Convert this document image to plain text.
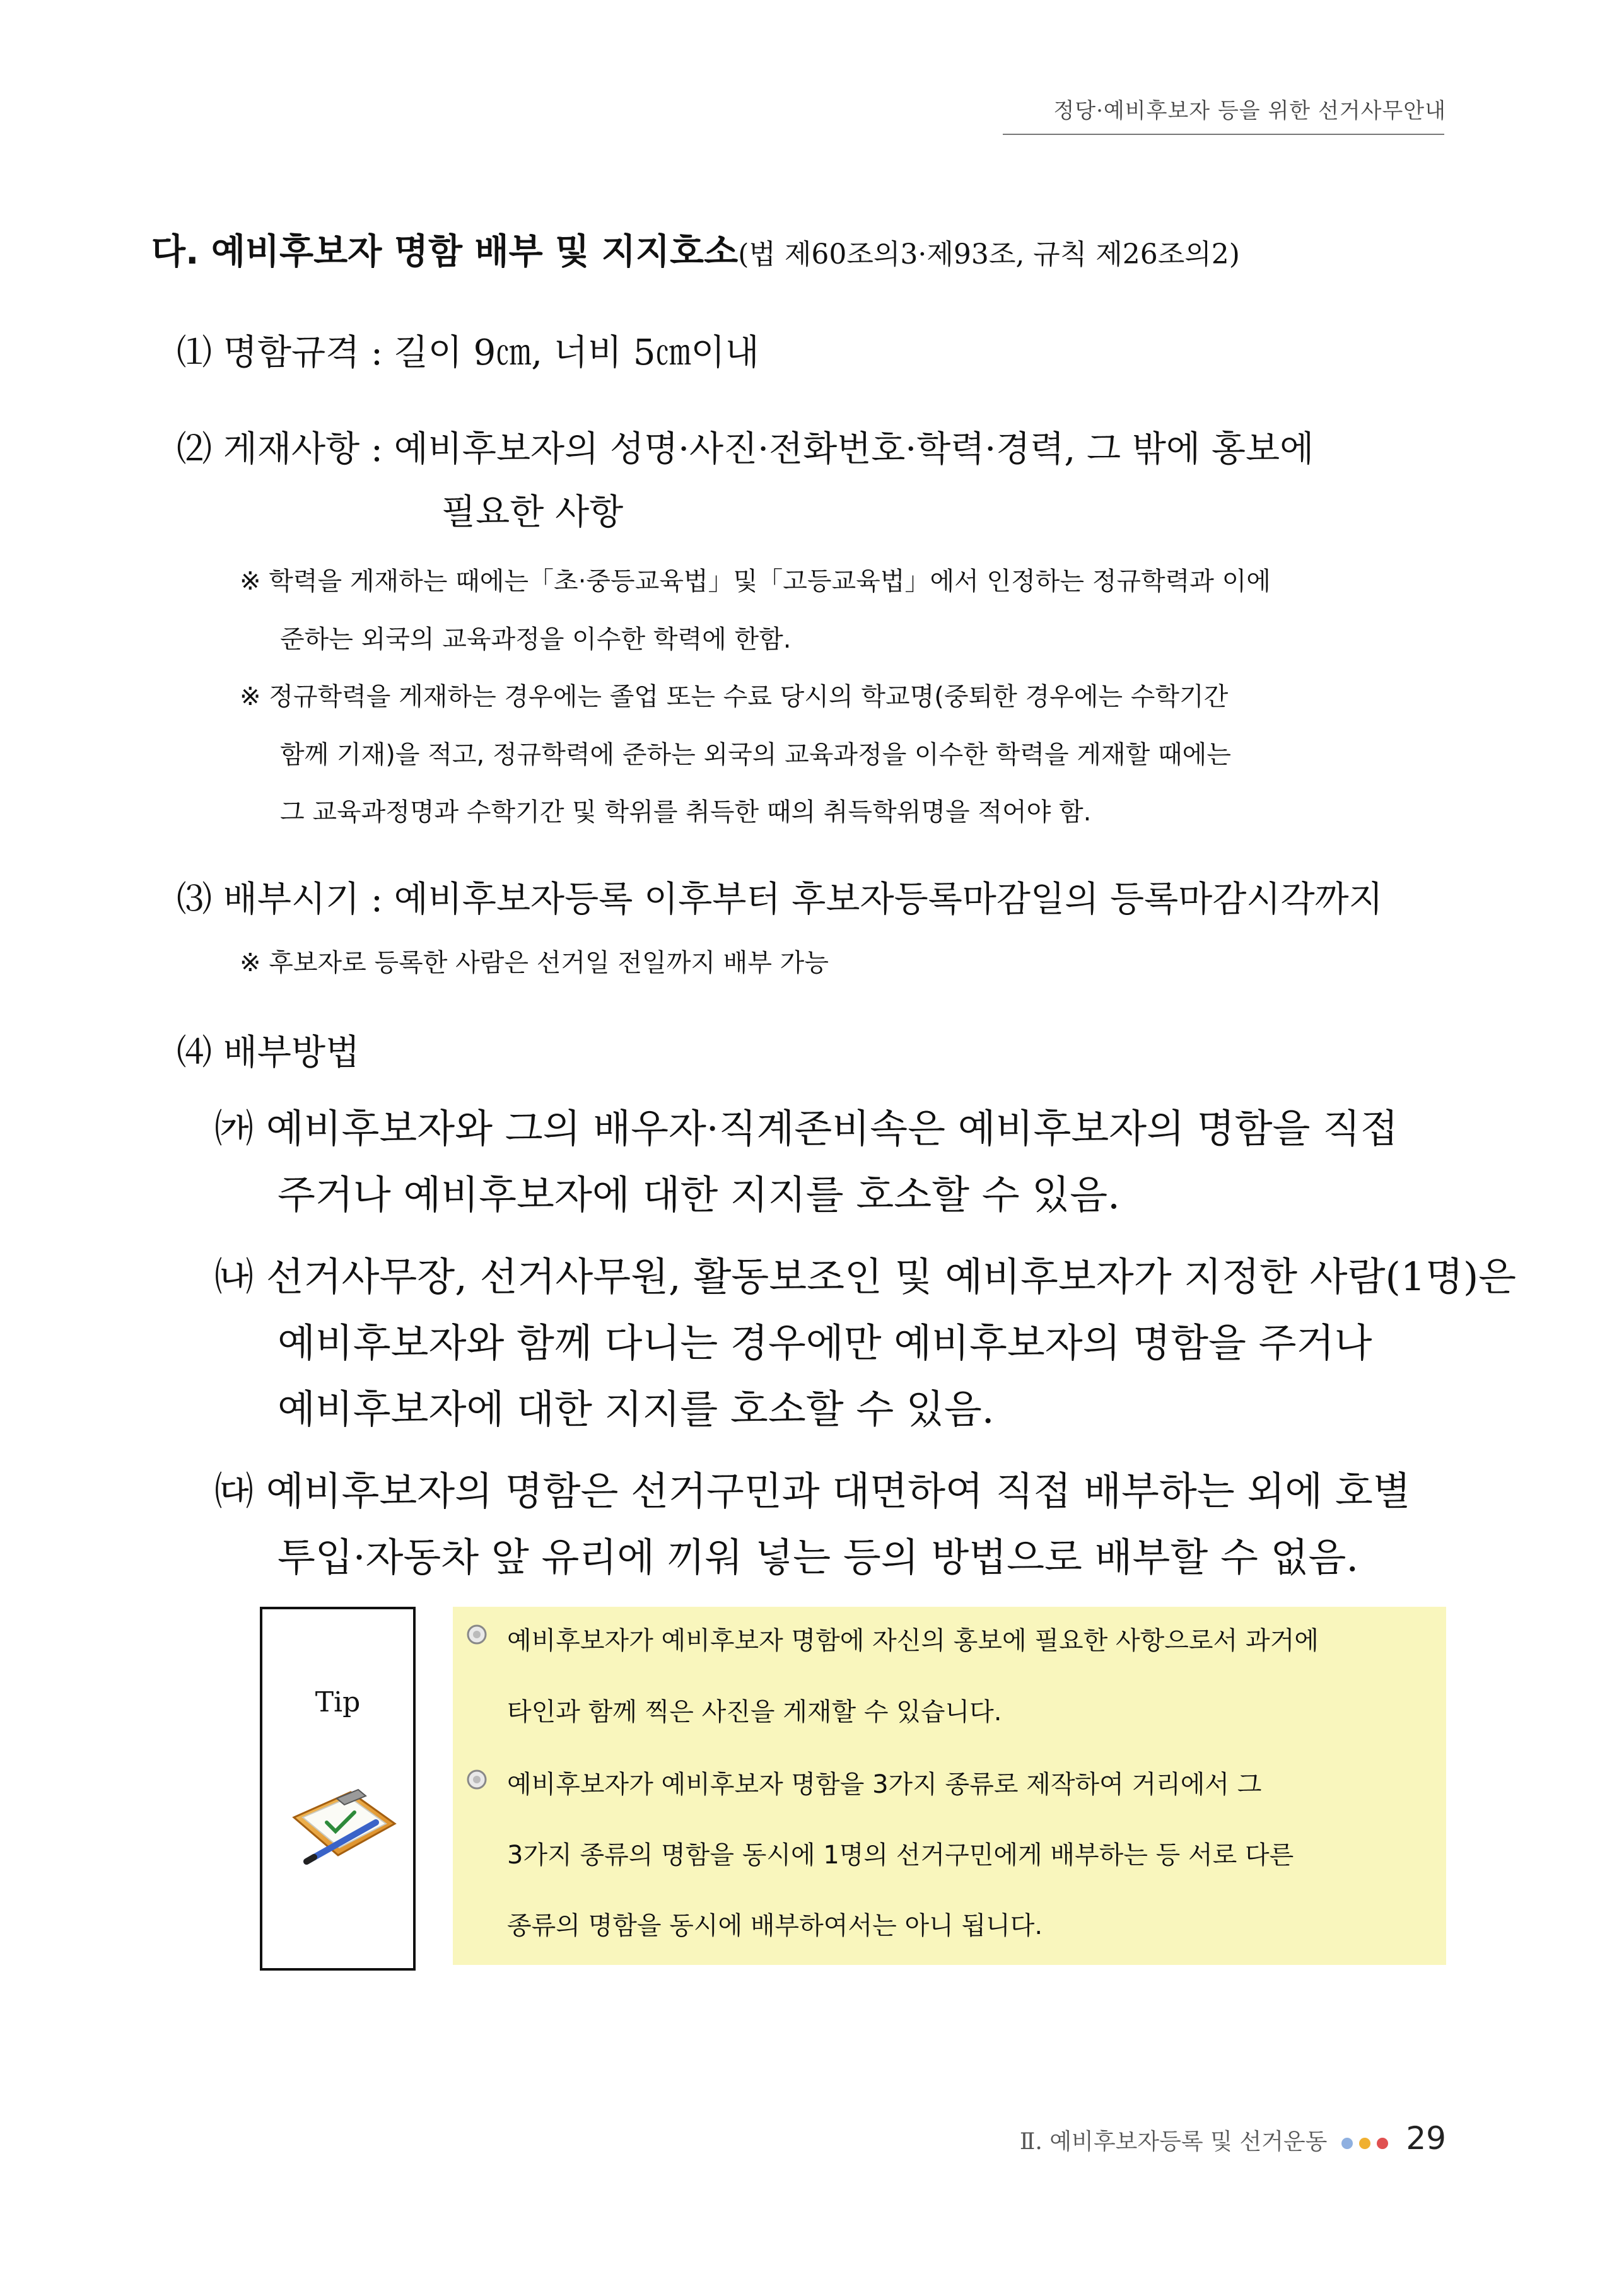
정당·예비후보자 등을 위한 선거사무안내
다. 예비후보자 명함 배부 및 지지호소(법 제60조의3·제93조, 규칙 제26조의2)
⑴ 명함규격 : 길이 9㎝, 너비 5㎝이내
⑵ 게재사항 : 예비후보자의 성명·사진·전화번호·학력·경력, 그 밖에 홍보에
필요한 사항
※ 학력을 게재하는 때에는「초·중등교육법」및「고등교육법」에서 인정하는 정규학력과 이에
준하는 외국의 교육과정을 이수한 학력에 한함.
※ 정규학력을 게재하는 경우에는 졸업 또는 수료 당시의 학교명(중퇴한 경우에는 수학기간
함께 기재)을 적고, 정규학력에 준하는 외국의 교육과정을 이수한 학력을 게재할 때에는
그 교육과정명과 수학기간 및 학위를 취득한 때의 취득학위명을 적어야 함.
⑶ 배부시기 : 예비후보자등록 이후부터 후보자등록마감일의 등록마감시각까지
※ 후보자로 등록한 사람은 선거일 전일까지 배부 가능
⑷ 배부방법
㈎ 예비후보자와 그의 배우자·직계존비속은 예비후보자의 명함을 직접
주거나 예비후보자에 대한 지지를 호소할 수 있음.
㈏ 선거사무장, 선거사무원, 활동보조인 및 예비후보자가 지정한 사람(1명)은
예비후보자와 함께 다니는 경우에만 예비후보자의 명함을 주거나
예비후보자에 대한 지지를 호소할 수 있음.
㈐ 예비후보자의 명함은 선거구민과 대면하여 직접 배부하는 외에 호별
투입·자동차 앞 유리에 끼워 넣는 등의 방법으로 배부할 수 없음.
Tip
예비후보자가 예비후보자 명함에 자신의 홍보에 필요한 사항으로서 과거에
타인과 함께 찍은 사진을 게재할 수 있습니다.
예비후보자가 예비후보자 명함을 3가지 종류로 제작하여 거리에서 그
3가지 종류의 명함을 동시에 1명의 선거구민에게 배부하는 등 서로 다른
종류의 명함을 동시에 배부하여서는 아니 됩니다.
Ⅱ. 예비후보자등록 및 선거운동 29
